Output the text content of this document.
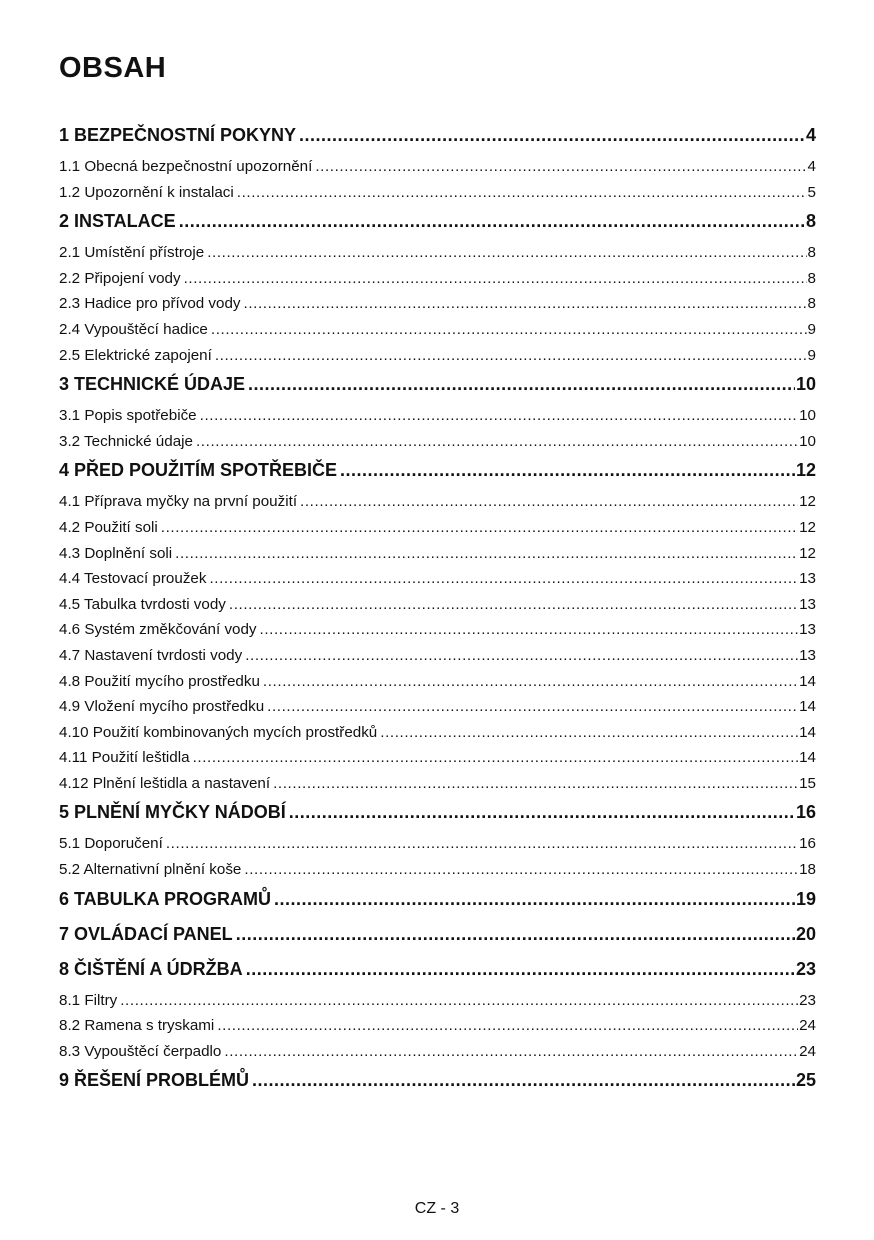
OBSAH
1 BEZPEČNOSTNÍ POKYNY .....	4
1.1 Obecná bezpečnostní upozornění .....	4
1.2 Upozornění k instalaci .....	5
2 INSTALACE .....	8
2.1 Umístění přístroje .....	8
2.2 Připojení vody .....	8
2.3 Hadice pro přívod vody .....	8
2.4 Vypouštěcí hadice .....	9
2.5 Elektrické zapojení .....	9
3 TECHNICKÉ ÚDAJE .....	10
3.1 Popis spotřebiče .....	10
3.2 Technické údaje .....	10
4 PŘED POUŽITÍM SPOTŘEBIČE .....	12
4.1 Příprava myčky na první použití .....	12
4.2 Použití soli .....	12
4.3 Doplnění soli .....	12
4.4 Testovací proužek .....	13
4.5 Tabulka tvrdosti vody .....	13
4.6 Systém změkčování vody .....	13
4.7 Nastavení tvrdosti vody .....	13
4.8 Použití mycího prostředku .....	14
4.9 Vložení mycího prostředku .....	14
4.10 Použití kombinovaných mycích prostředků .....	14
4.11 Použití leštidla .....	14
4.12 Plnění leštidla a nastavení .....	15
5 PLNĚNÍ MYČKY NÁDOBÍ .....	16
5.1 Doporučení .....	16
5.2 Alternativní plnění koše .....	18
6 TABULKA PROGRAMŮ .....	19
7 OVLÁDACÍ PANEL .....	20
8 ČIŠTĚNÍ A ÚDRŽBA .....	23
8.1 Filtry .....	23
8.2 Ramena s tryskami .....	24
8.3 Vypouštěcí čerpadlo .....	24
9 ŘEŠENÍ PROBLÉMŮ .....	25
CZ - 3
